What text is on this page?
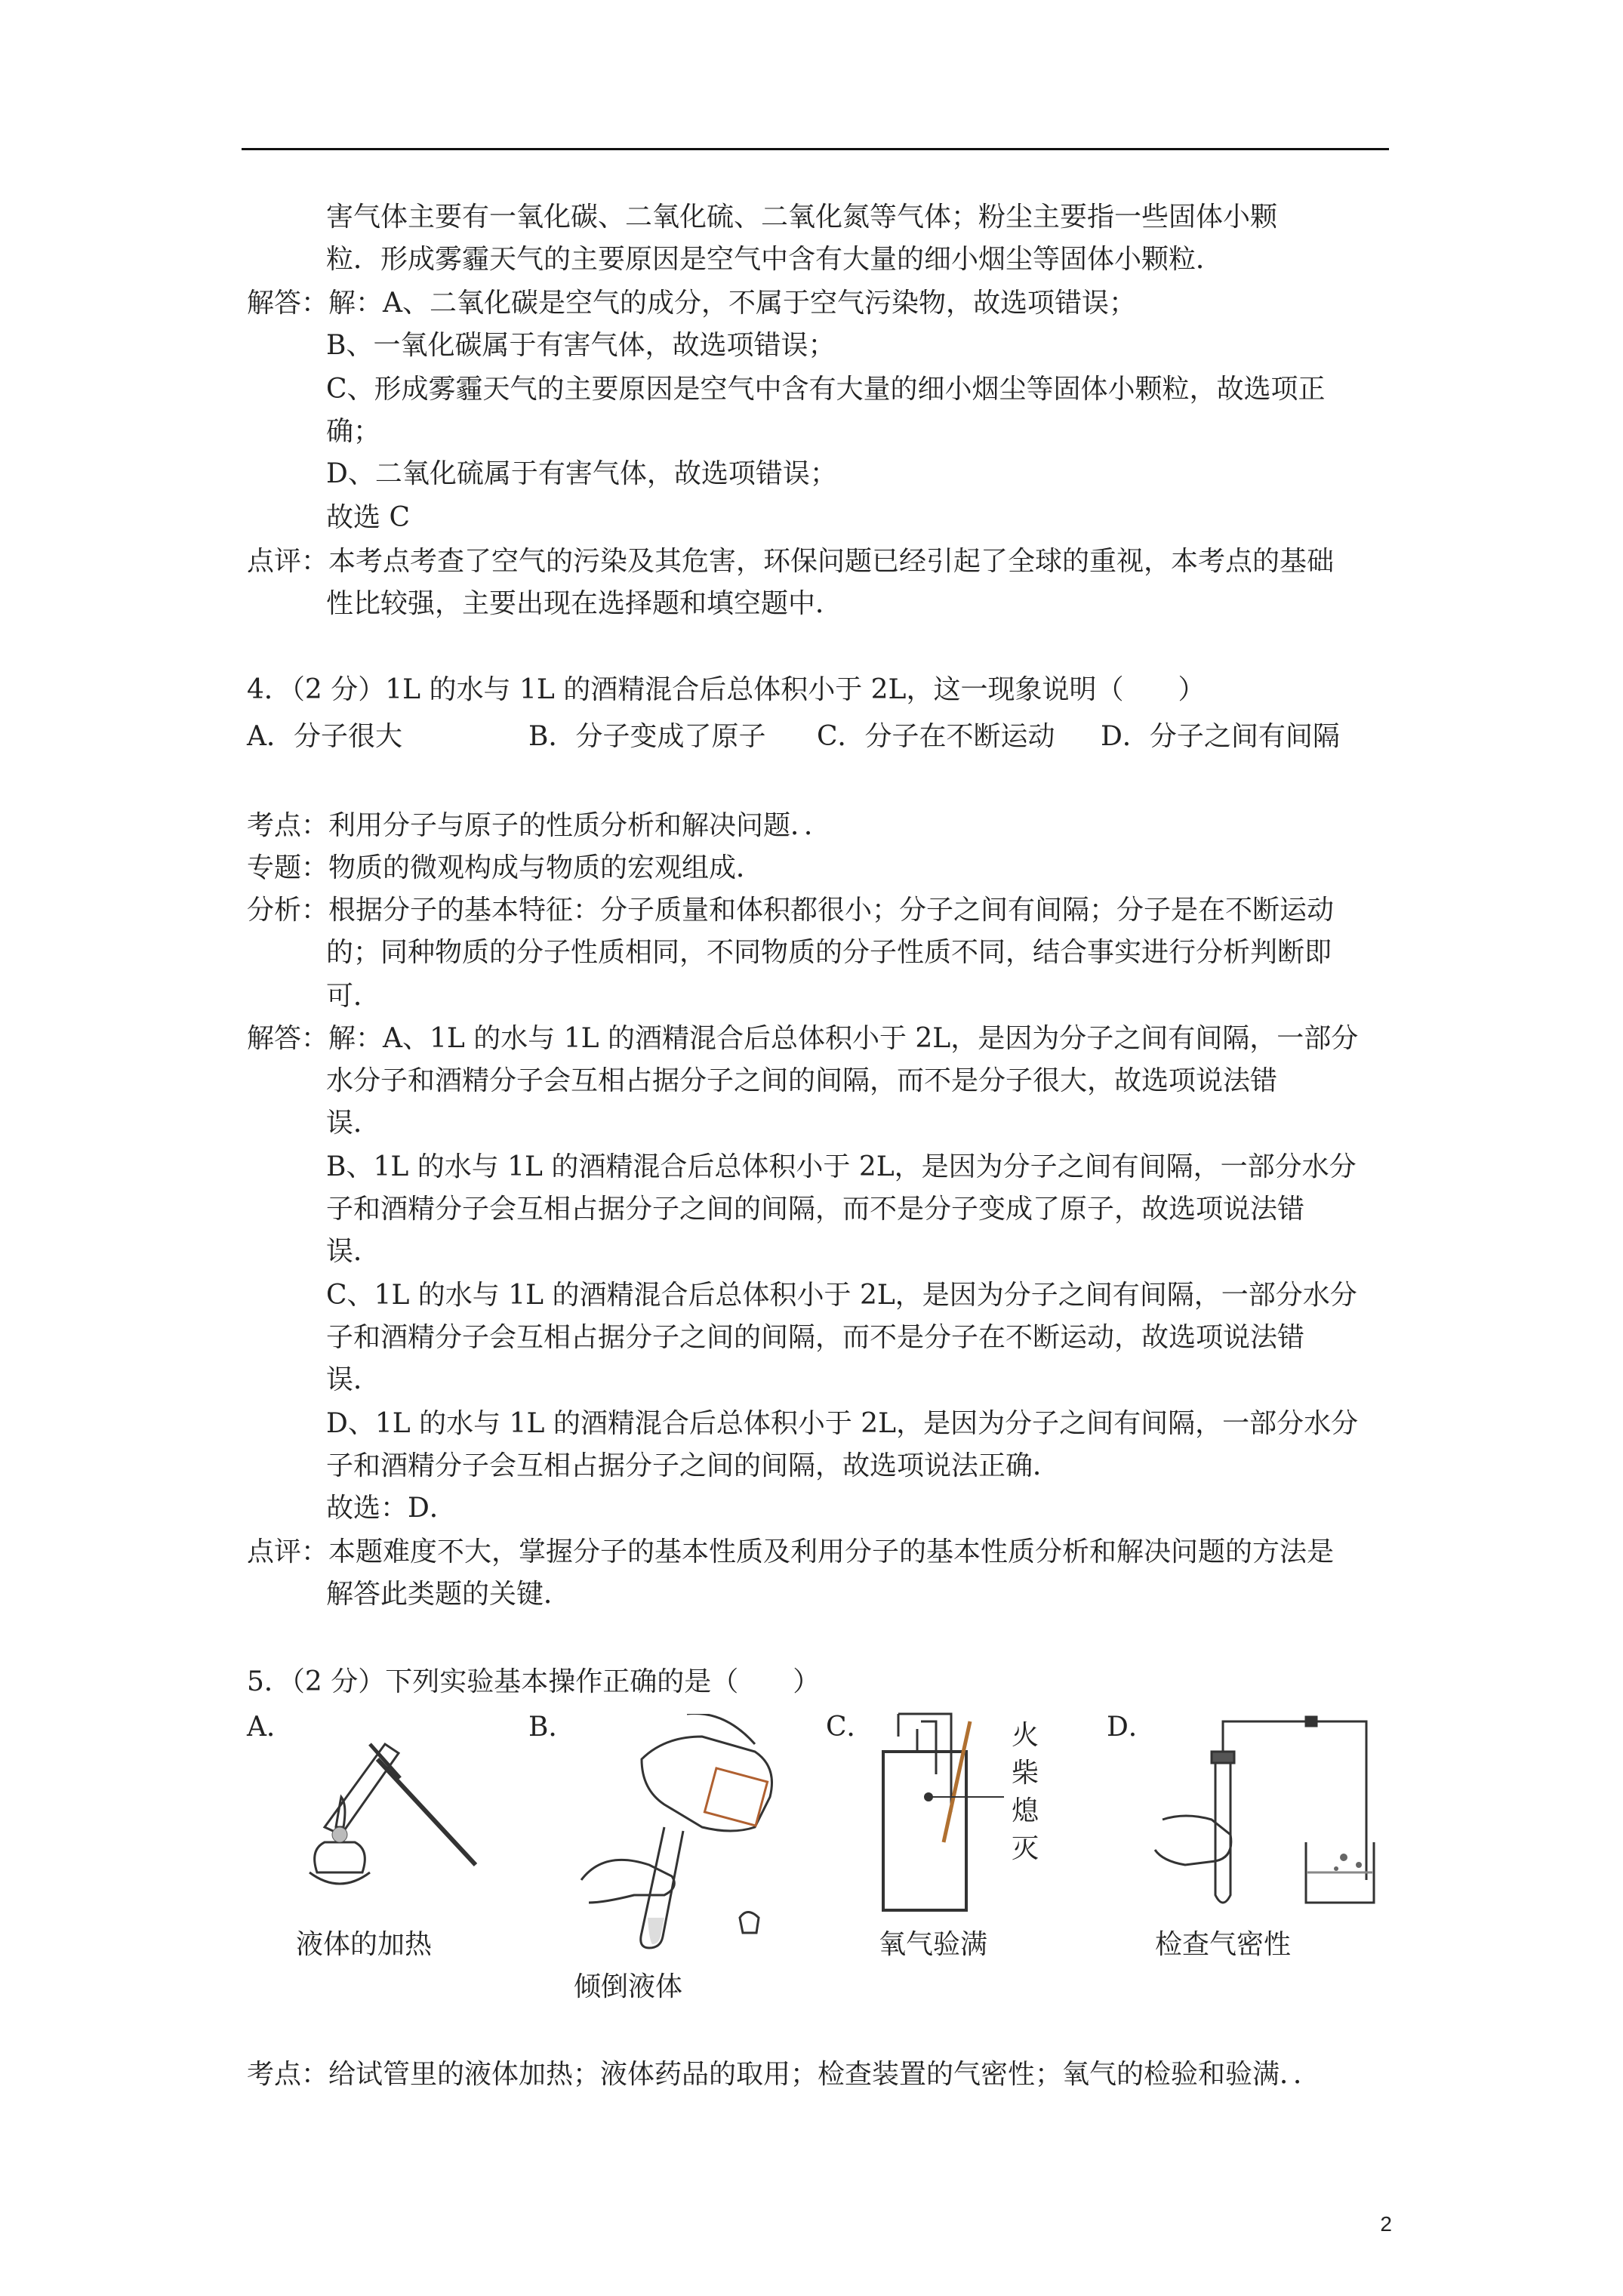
害气体主要有一氧化碳、二氧化硫、二氧化氮等气体；粉尘主要指一些固体小颗
粒．形成雾霾天气的主要原因是空气中含有大量的细小烟尘等固体小颗粒．
解答：解：A、二氧化碳是空气的成分，不属于空气污染物，故选项错误；
B、一氧化碳属于有害气体，故选项错误；
C、形成雾霾天气的主要原因是空气中含有大量的细小烟尘等固体小颗粒，故选项正
确；
D、二氧化硫属于有害气体，故选项错误；
故选 C
点评：本考点考查了空气的污染及其危害，环保问题已经引起了全球的重视，本考点的基础
性比较强，主要出现在选择题和填空题中．
4．（2 分）1L 的水与 1L 的酒精混合后总体积小于 2L，这一现象说明（　　）
A．分子很大	B．分子变成了原子 C．分子在不断运动 D．分子之间有间隔
考点：利用分子与原子的性质分析和解决问题．．
专题：物质的微观构成与物质的宏观组成．
分析：根据分子的基本特征：分子质量和体积都很小；分子之间有间隔；分子是在不断运动
的；同种物质的分子性质相同，不同物质的分子性质不同，结合事实进行分析判断即
可．
解答：解：A、1L 的水与 1L 的酒精混合后总体积小于 2L，是因为分子之间有间隔，一部分
水分子和酒精分子会互相占据分子之间的间隔，而不是分子很大，故选项说法错
误．
B、1L 的水与 1L 的酒精混合后总体积小于 2L，是因为分子之间有间隔，一部分水分
子和酒精分子会互相占据分子之间的间隔，而不是分子变成了原子，故选项说法错
误．
C、1L 的水与 1L 的酒精混合后总体积小于 2L，是因为分子之间有间隔，一部分水分
子和酒精分子会互相占据分子之间的间隔，而不是分子在不断运动，故选项说法错
误．
D、1L 的水与 1L 的酒精混合后总体积小于 2L，是因为分子之间有间隔，一部分水分
子和酒精分子会互相占据分子之间的间隔，故选项说法正确．
故选：D．
点评：本题难度不大，掌握分子的基本性质及利用分子的基本性质分析和解决问题的方法是
解答此类题的关键．
5．（2 分）下列实验基本操作正确的是（　　）
A．	B．	C．	D．
火
柴
熄
灭
液体的加热
倾倒液体
氧气验满	检查气密性
考点：给试管里的液体加热；液体药品的取用；检查装置的气密性；氧气的检验和验满．．
2
